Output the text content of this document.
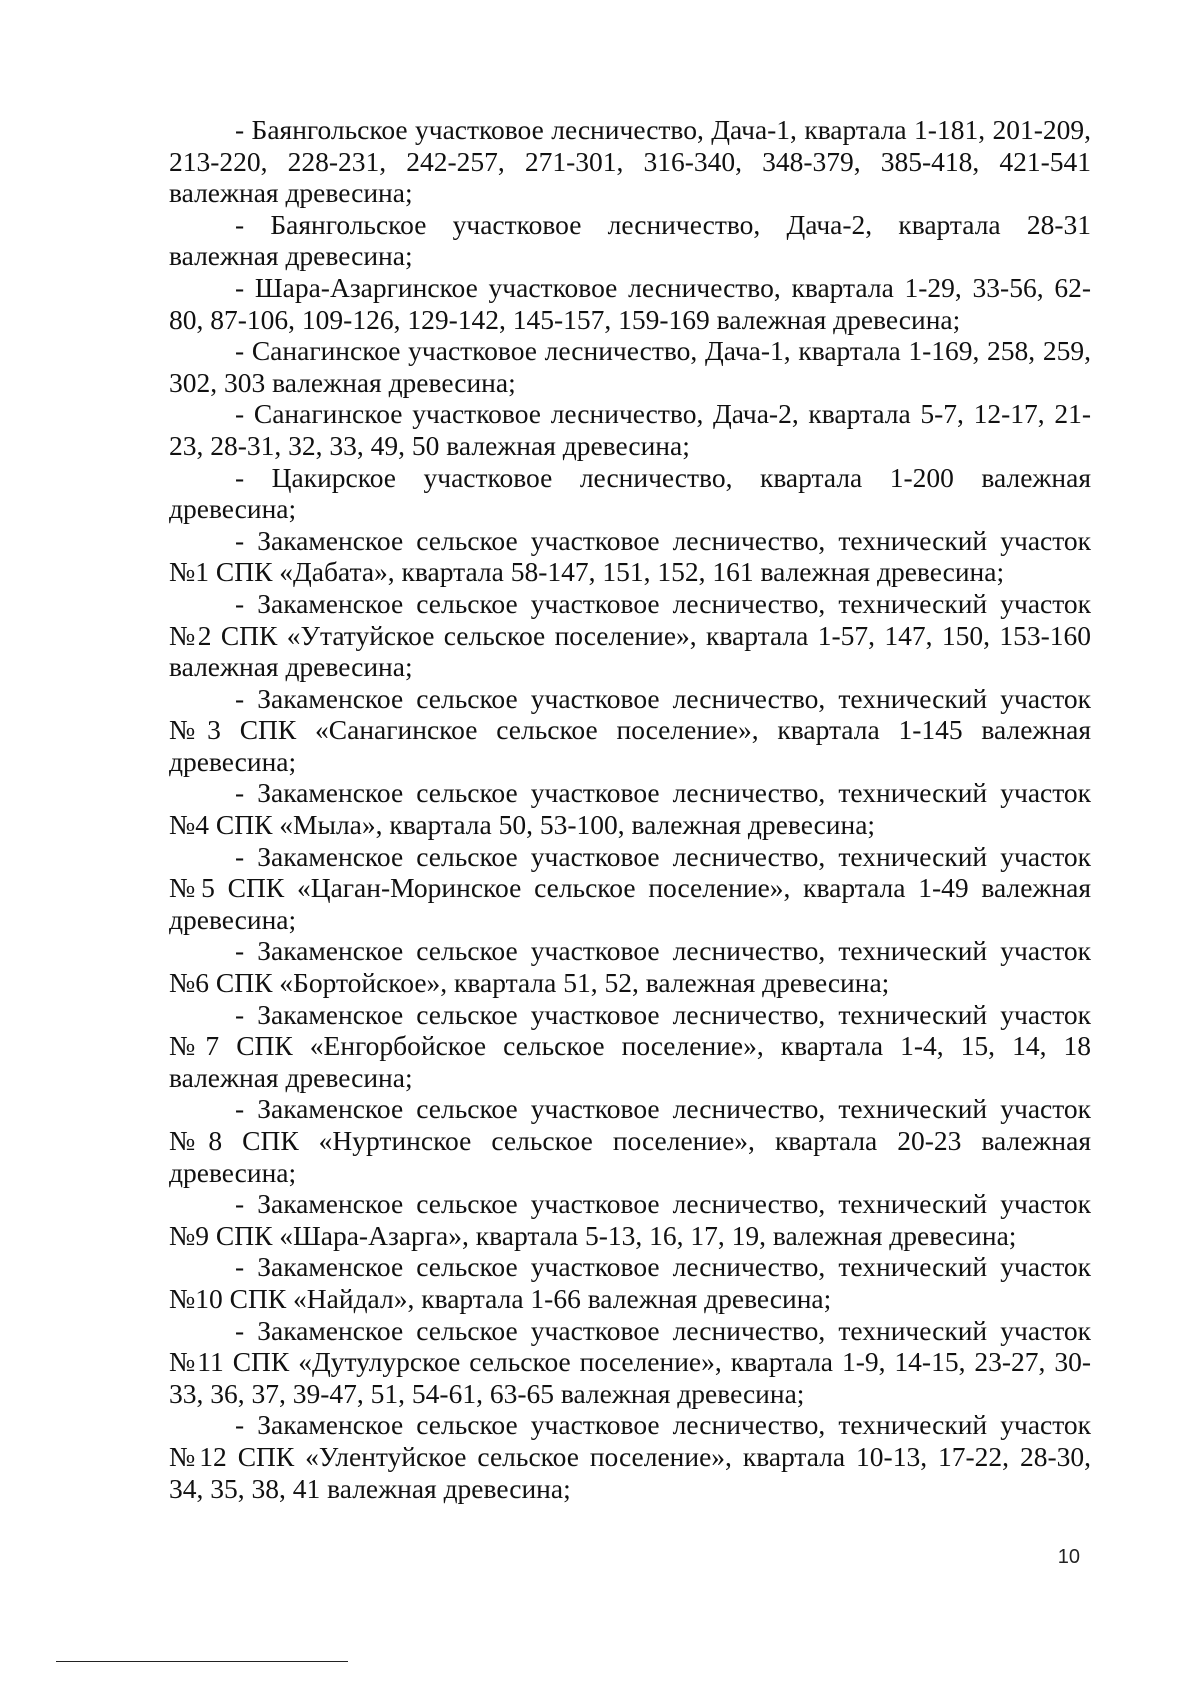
- Баянгольское участковое лесничество, Дача-1, квартала 1-181, 201-209, 213-220, 228-231, 242-257, 271-301, 316-340, 348-379, 385-418, 421-541 валежная древесина;

- Баянгольское участковое лесничество, Дача-2, квартала 28-31 валежная древесина;

- Шара-Азаргинское участковое лесничество, квартала 1-29, 33-56, 62-80, 87-106, 109-126, 129-142, 145-157, 159-169 валежная древесина;

- Санагинское участковое лесничество, Дача-1, квартала 1-169, 258, 259, 302, 303 валежная древесина;

- Санагинское участковое лесничество, Дача-2, квартала 5-7, 12-17, 21-23, 28-31, 32, 33, 49, 50 валежная древесина;

- Цакирское участковое лесничество, квартала 1-200 валежная древесина;

- Закаменское сельское участковое лесничество, технический участок №1 СПК «Дабата», квартала 58-147, 151, 152, 161 валежная древесина;

- Закаменское сельское участковое лесничество, технический участок №2 СПК «Утатуйское сельское поселение», квартала 1-57, 147, 150, 153-160 валежная древесина;

- Закаменское сельское участковое лесничество, технический участок №3 СПК «Санагинское сельское поселение», квартала 1-145 валежная древесина;

- Закаменское сельское участковое лесничество, технический участок №4 СПК «Мыла», квартала 50, 53-100, валежная древесина;

- Закаменское сельское участковое лесничество, технический участок №5 СПК «Цаган-Моринское сельское поселение», квартала 1-49 валежная древесина;

- Закаменское сельское участковое лесничество, технический участок №6 СПК «Бортойское», квартала 51, 52, валежная древесина;

- Закаменское сельское участковое лесничество, технический участок №7 СПК «Енгорбойское сельское поселение», квартала 1-4, 15, 14, 18 валежная древесина;

- Закаменское сельское участковое лесничество, технический участок №8 СПК «Нуртинское сельское поселение», квартала 20-23 валежная древесина;

- Закаменское сельское участковое лесничество, технический участок №9 СПК «Шара-Азарга», квартала 5-13, 16, 17, 19, валежная древесина;

- Закаменское сельское участковое лесничество, технический участок №10 СПК «Найдал», квартала 1-66 валежная древесина;

- Закаменское сельское участковое лесничество, технический участок №11 СПК «Дутулурское сельское поселение», квартала 1-9, 14-15, 23-27, 30-33, 36, 37, 39-47, 51, 54-61, 63-65 валежная древесина;

- Закаменское сельское участковое лесничество, технический участок №12 СПК «Улентуйское сельское поселение», квартала 10-13, 17-22, 28-30, 34, 35, 38, 41 валежная древесина;

10
